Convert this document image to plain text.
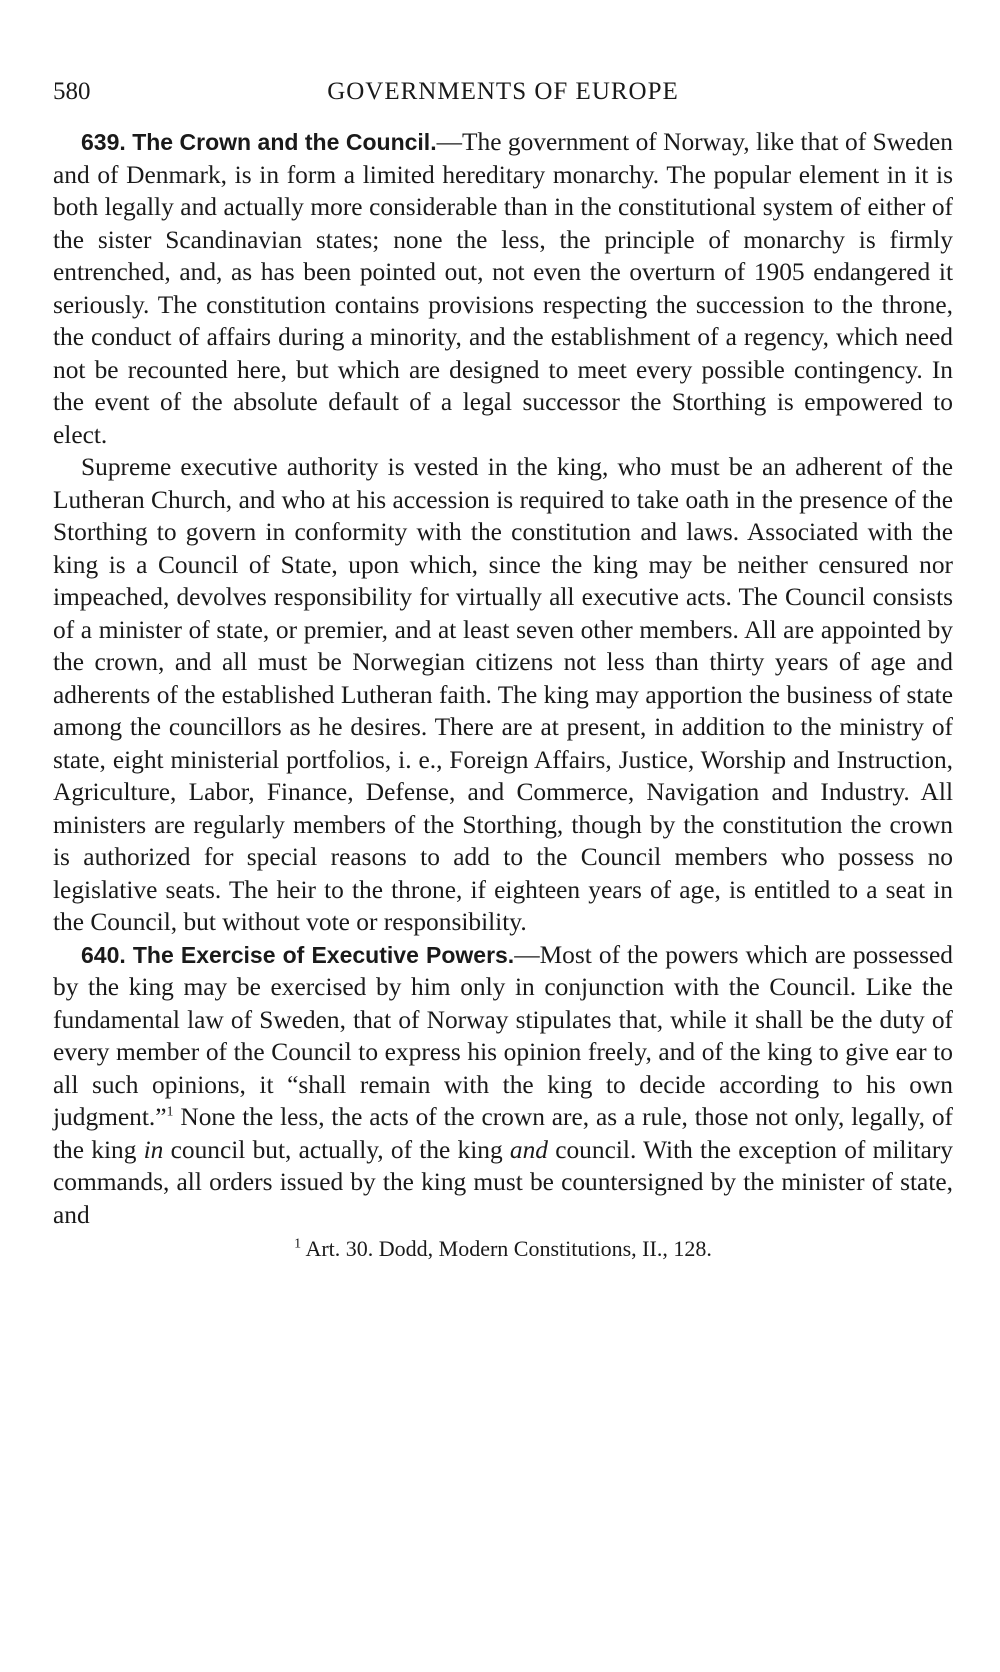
580	GOVERNMENTS OF EUROPE

639. The Crown and the Council.—The government of Norway, like that of Sweden and of Denmark, is in form a limited hereditary monarchy. The popular element in it is both legally and actually more considerable than in the constitutional system of either of the sister Scandinavian states; none the less, the principle of monarchy is firmly entrenched, and, as has been pointed out, not even the overturn of 1905 endangered it seriously. The constitution contains provisions respecting the succession to the throne, the conduct of affairs during a minority, and the establishment of a regency, which need not be recounted here, but which are designed to meet every possible contingency. In the event of the absolute default of a legal successor the Storthing is empowered to elect.

Supreme executive authority is vested in the king, who must be an adherent of the Lutheran Church, and who at his accession is required to take oath in the presence of the Storthing to govern in conformity with the constitution and laws. Associated with the king is a Council of State, upon which, since the king may be neither censured nor impeached, devolves responsibility for virtually all executive acts. The Council consists of a minister of state, or premier, and at least seven other members. All are appointed by the crown, and all must be Norwegian citizens not less than thirty years of age and adherents of the established Lutheran faith. The king may apportion the business of state among the councillors as he desires. There are at present, in addition to the ministry of state, eight ministerial portfolios, i. e., Foreign Affairs, Justice, Worship and Instruction, Agriculture, Labor, Finance, Defense, and Commerce, Navigation and Industry. All ministers are regularly members of the Storthing, though by the constitution the crown is authorized for special reasons to add to the Council members who possess no legislative seats. The heir to the throne, if eighteen years of age, is entitled to a seat in the Council, but without vote or responsibility.

640. The Exercise of Executive Powers.—Most of the powers which are possessed by the king may be exercised by him only in conjunction with the Council. Like the fundamental law of Sweden, that of Norway stipulates that, while it shall be the duty of every member of the Council to express his opinion freely, and of the king to give ear to all such opinions, it “shall remain with the king to decide according to his own judgment.”$^1$ None the less, the acts of the crown are, as a rule, those not only, legally, of the king in council but, actually, of the king and council. With the exception of military commands, all orders issued by the king must be countersigned by the minister of state, and

$^1$ Art. 30. Dodd, Modern Constitutions, II., 128.
